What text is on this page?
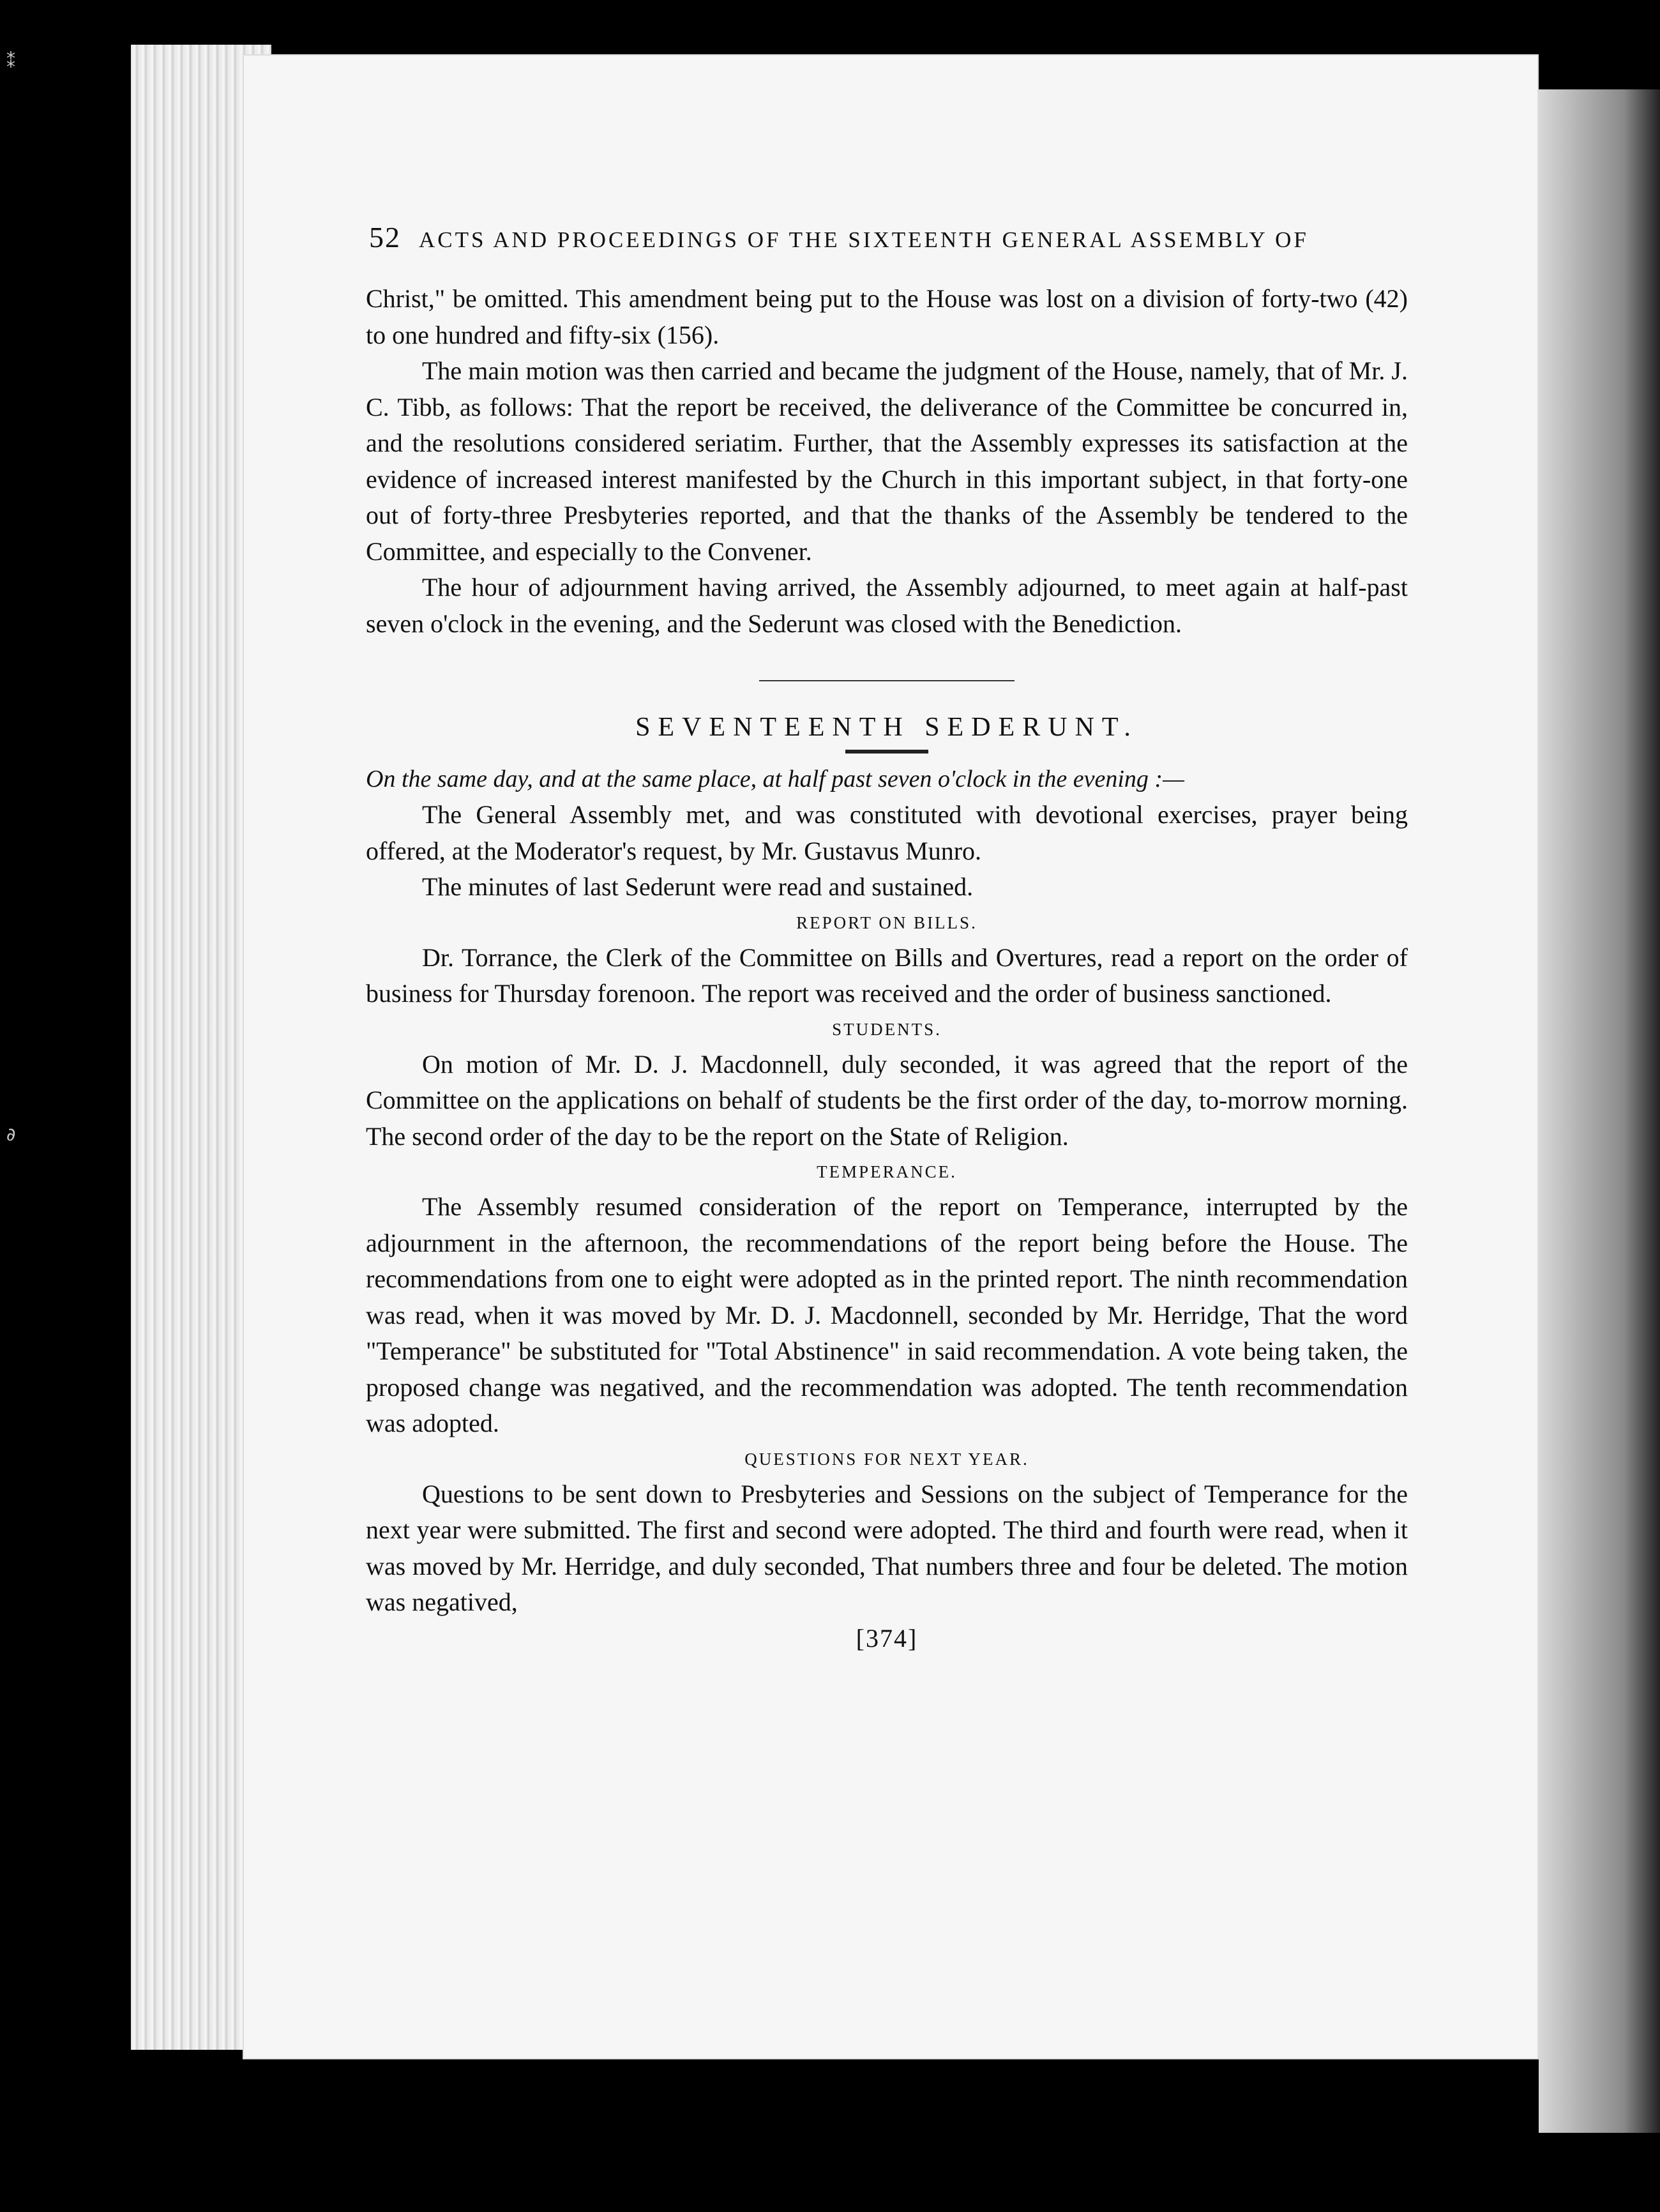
⁑
∂
52 ACTS AND PROCEEDINGS OF THE SIXTEENTH GENERAL ASSEMBLY OF

Christ," be omitted. This amendment being put to the House was lost on a division of forty-two (42) to one hundred and fifty-six (156).

The main motion was then carried and became the judgment of the House, namely, that of Mr. J. C. Tibb, as follows: That the report be received, the deliverance of the Committee be concurred in, and the resolutions considered seriatim. Further, that the Assembly expresses its satisfaction at the evidence of increased interest manifested by the Church in this important subject, in that forty-one out of forty-three Presbyteries reported, and that the thanks of the Assembly be tendered to the Committee, and especially to the Convener.

The hour of adjournment having arrived, the Assembly adjourned, to meet again at half-past seven o'clock in the evening, and the Sederunt was closed with the Benediction.

SEVENTEENTH SEDERUNT.

On the same day, and at the same place, at half past seven o'clock in the evening :—

The General Assembly met, and was constituted with devotional exercises, prayer being offered, at the Moderator's request, by Mr. Gustavus Munro.

The minutes of last Sederunt were read and sustained.

REPORT ON BILLS.

Dr. Torrance, the Clerk of the Committee on Bills and Overtures, read a report on the order of business for Thursday forenoon. The report was received and the order of business sanctioned.

STUDENTS.

On motion of Mr. D. J. Macdonnell, duly seconded, it was agreed that the report of the Committee on the applications on behalf of students be the first order of the day, to-morrow morning. The second order of the day to be the report on the State of Religion.

TEMPERANCE.

The Assembly resumed consideration of the report on Temperance, interrupted by the adjournment in the afternoon, the recommendations of the report being before the House. The recommendations from one to eight were adopted as in the printed report. The ninth recommendation was read, when it was moved by Mr. D. J. Macdonnell, seconded by Mr. Herridge, That the word "Temperance" be substituted for "Total Abstinence" in said recommendation. A vote being taken, the proposed change was negatived, and the recommendation was adopted. The tenth recommendation was adopted.

QUESTIONS FOR NEXT YEAR.

Questions to be sent down to Presbyteries and Sessions on the subject of Temperance for the next year were submitted. The first and second were adopted. The third and fourth were read, when it was moved by Mr. Herridge, and duly seconded, That numbers three and four be deleted. The motion was negatived,

[374]
